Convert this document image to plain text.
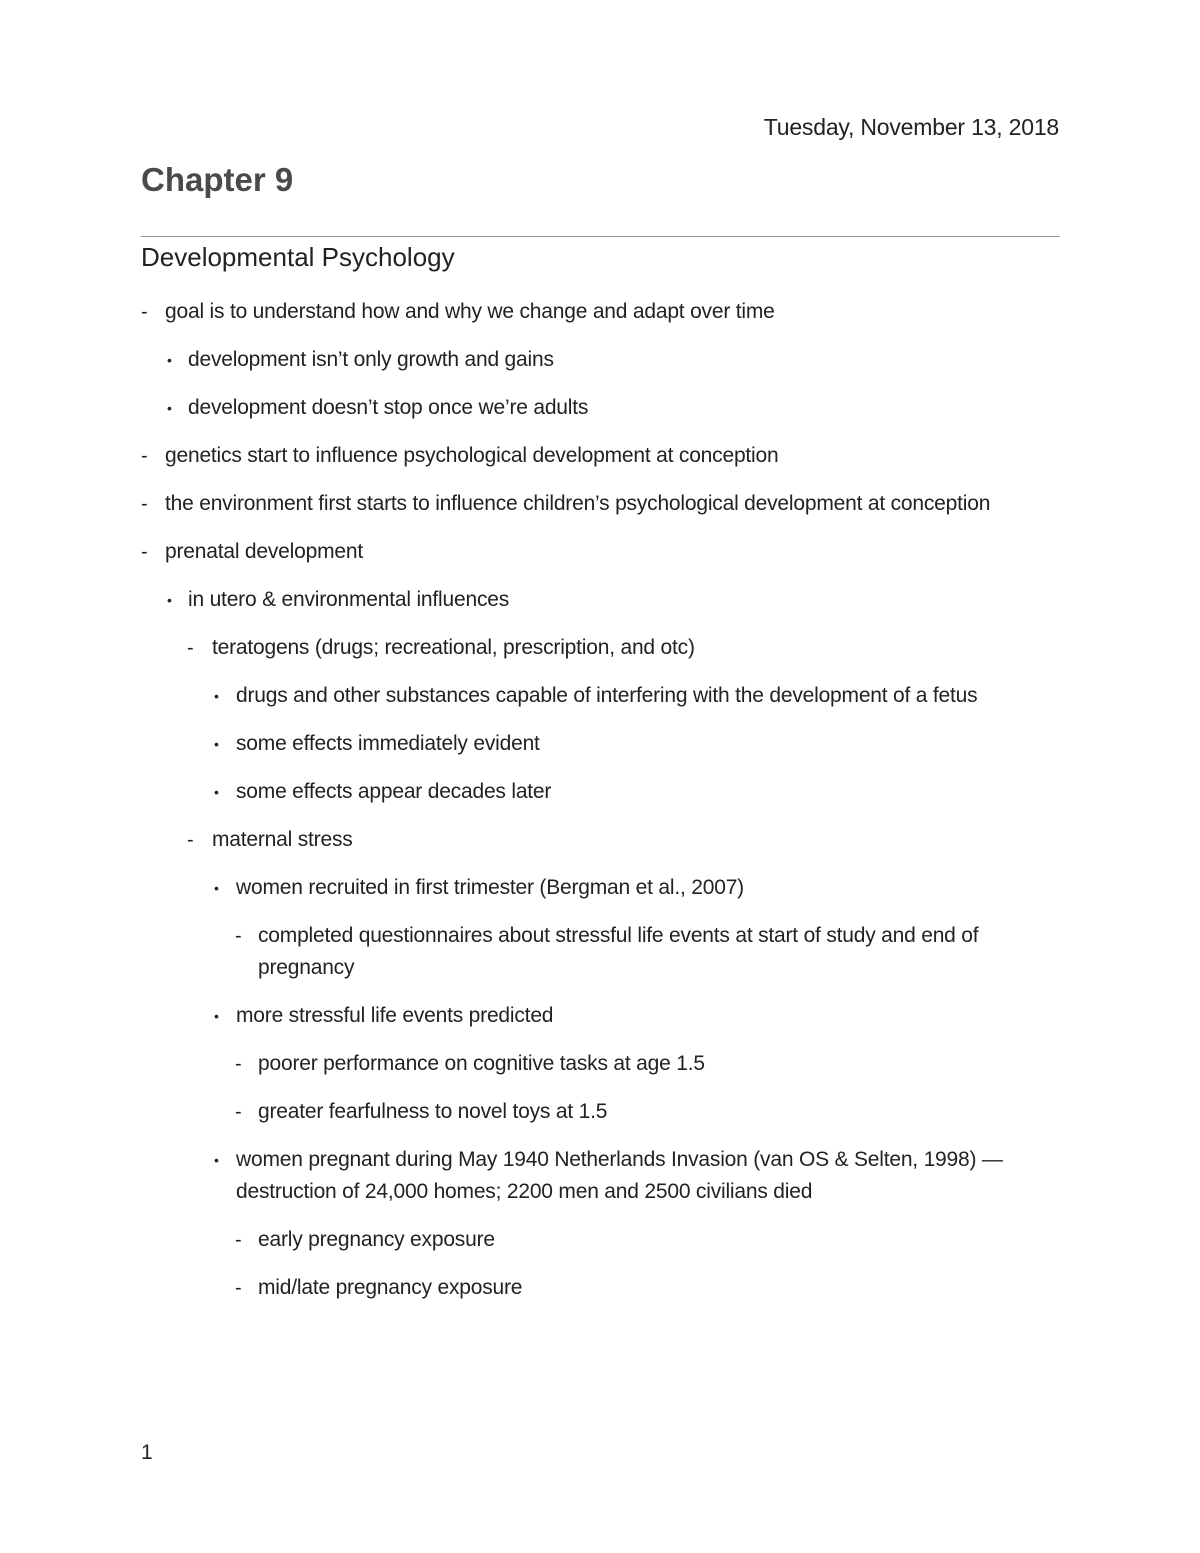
Tuesday, November 13, 2018
Chapter 9
Developmental Psychology
- goal is to understand how and why we change and adapt over time
• development isn’t only growth and gains
• development doesn’t stop once we’re adults
- genetics start to influence psychological development at conception
- the environment first starts to influence children’s psychological development at conception
- prenatal development
• in utero & environmental influences
- teratogens (drugs; recreational, prescription, and otc)
• drugs and other substances capable of interfering with the development of a fetus
• some effects immediately evident
• some effects appear decades later
- maternal stress
• women recruited in first trimester (Bergman et al., 2007)
- completed questionnaires about stressful life events at start of study and end of pregnancy
• more stressful life events predicted
- poorer performance on cognitive tasks at age 1.5
- greater fearfulness to novel toys at 1.5
• women pregnant during May 1940 Netherlands Invasion (van OS & Selten, 1998) — destruction of 24,000 homes; 2200 men and 2500 civilians died
- early pregnancy exposure
- mid/late pregnancy exposure
1
